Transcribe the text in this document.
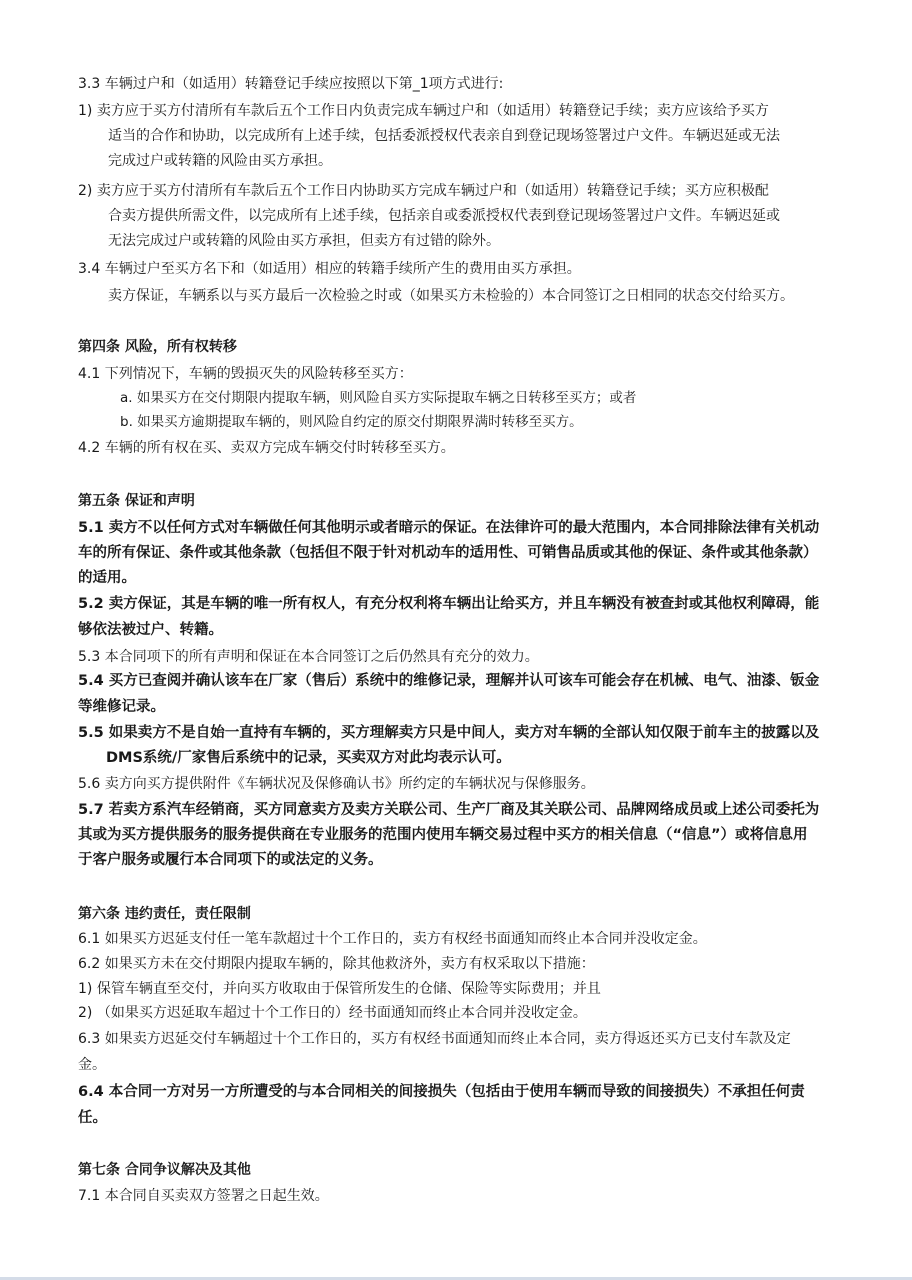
3.3 车辆过户和（如适用）转籍登记手续应按照以下第_1项方式进行:
1) 卖方应于买方付清所有车款后五个工作日内负责完成车辆过户和（如适用）转籍登记手续；卖方应该给予买方
适当的合作和协助，以完成所有上述手续，包括委派授权代表亲自到登记现场签署过户文件。车辆迟延或无法
完成过户或转籍的风险由买方承担。
2) 卖方应于买方付清所有车款后五个工作日内协助买方完成车辆过户和（如适用）转籍登记手续；买方应积极配
合卖方提供所需文件，以完成所有上述手续，包括亲自或委派授权代表到登记现场签署过户文件。车辆迟延或
无法完成过户或转籍的风险由买方承担，但卖方有过错的除外。
3.4 车辆过户至买方名下和（如适用）相应的转籍手续所产生的费用由买方承担。
卖方保证，车辆系以与买方最后一次检验之时或（如果买方未检验的）本合同签订之日相同的状态交付给买方。
第四条 风险，所有权转移
4.1 下列情况下，车辆的毁损灭失的风险转移至买方：
a. 如果买方在交付期限内提取车辆，则风险自买方实际提取车辆之日转移至买方；或者
b. 如果买方逾期提取车辆的，则风险自约定的原交付期限界满时转移至买方。
4.2 车辆的所有权在买、卖双方完成车辆交付时转移至买方。
第五条 保证和声明
5.1 卖方不以任何方式对车辆做任何其他明示或者暗示的保证。在法律许可的最大范围内，本合同排除法律有关机动
车的所有保证、条件或其他条款（包括但不限于针对机动车的适用性、可销售品质或其他的保证、条件或其他条款）
的适用。
5.2 卖方保证，其是车辆的唯一所有权人，有充分权利将车辆出让给买方，并且车辆没有被查封或其他权利障碍，能
够依法被过户、转籍。
5.3 本合同项下的所有声明和保证在本合同签订之后仍然具有充分的效力。
5.4 买方已查阅并确认该车在厂家（售后）系统中的维修记录，理解并认可该车可能会存在机械、电气、油漆、钣金
等维修记录。
5.5 如果卖方不是自始一直持有车辆的，买方理解卖方只是中间人，卖方对车辆的全部认知仅限于前车主的披露以及
DMS系统/厂家售后系统中的记录，买卖双方对此均表示认可。
5.6 卖方向买方提供附件《车辆状况及保修确认书》所约定的车辆状况与保修服务。
5.7 若卖方系汽车经销商，买方同意卖方及卖方关联公司、生产厂商及其关联公司、品牌网络成员或上述公司委托为
其或为买方提供服务的服务提供商在专业服务的范围内使用车辆交易过程中买方的相关信息（“信息”）或将信息用
于客户服务或履行本合同项下的或法定的义务。
第六条 违约责任，责任限制
6.1 如果买方迟延支付任一笔车款超过十个工作日的，卖方有权经书面通知而终止本合同并没收定金。
6.2 如果买方未在交付期限内提取车辆的，除其他救济外，卖方有权采取以下措施：
1) 保管车辆直至交付，并向买方收取由于保管所发生的仓储、保险等实际费用；并且
2) （如果买方迟延取车超过十个工作日的）经书面通知而终止本合同并没收定金。
6.3 如果卖方迟延交付车辆超过十个工作日的，买方有权经书面通知而终止本合同，卖方得返还买方已支付车款及定
金。
6.4 本合同一方对另一方所遭受的与本合同相关的间接损失（包括由于使用车辆而导致的间接损失）不承担任何责
任。
第七条 合同争议解决及其他
7.1 本合同自买卖双方签署之日起生效。
